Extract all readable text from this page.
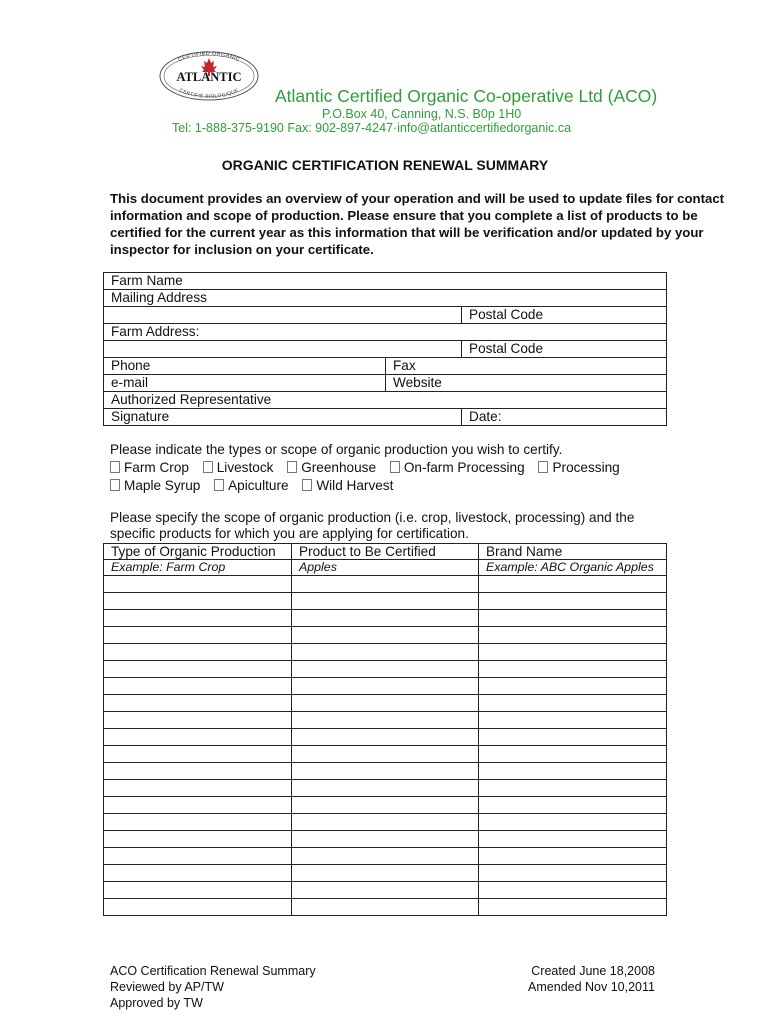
CERTIFIED ORGANIC
ATLANTIC
CERTIFIÉ BIOLOGIQUE Atlantic Certified Organic Co-operative Ltd (ACO)
P.O.Box 40, Canning, N.S. B0p 1H0
Tel: 1-888-375-9190 Fax: 902-897-4247·info@atlanticcertifiedorganic.ca
ORGANIC CERTIFICATION RENEWAL SUMMARY
This document provides an overview of your operation and will be used to update files for contact information and scope of production. Please ensure that you complete a list of products to be certified for the current year as this information that will be verification and/or updated by your inspector for inclusion on your certificate.
Farm Name		
Mailing Address		
		Postal Code
Farm Address:		
		Postal Code
Phone	Fax	
e-mail	Website	
Authorized Representative		
Signature		Date:
Please indicate the types or scope of organic production you wish to certify.
Farm Crop Livestock Greenhouse On-farm Processing Processing
Maple Syrup Apiculture Wild Harvest
Please specify the scope of organic production (i.e. crop, livestock, processing) and the specific products for which you are applying for certification.
Type of Organic Production	Product to Be Certified	Brand Name
Example: Farm Crop	Apples	Example: ABC Organic Apples

ACO Certification Renewal Summary
Reviewed by AP/TW
Approved by TW
Created June 18,2008
Amended Nov 10,2011
